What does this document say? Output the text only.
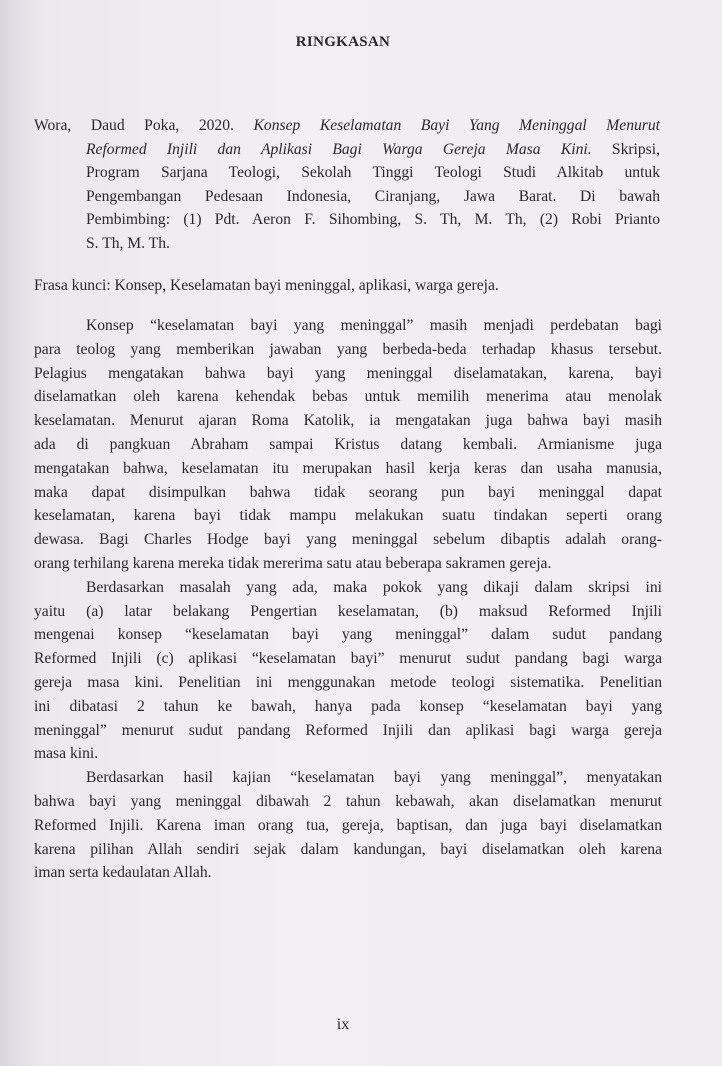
RINGKASAN
Wora, Daud Poka, 2020. Konsep Keselamatan Bayi Yang Meninggal Menurut
Reformed Injili dan Aplikasi Bagi Warga Gereja Masa Kini. Skripsi,
Program Sarjana Teologi, Sekolah Tinggi Teologi Studi Alkitab untuk
Pengembangan Pedesaan Indonesia, Ciranjang, Jawa Barat. Di bawah
Pembimbing: (1) Pdt. Aeron F. Sihombing, S. Th, M. Th, (2) Robi Prianto
S. Th, M. Th.
Frasa kunci: Konsep, Keselamatan bayi meninggal, aplikasi, warga gereja.
Konsep “keselamatan bayi yang meninggal” masih menjadi perdebatan bagi
para teolog yang memberikan jawaban yang berbeda-beda terhadap khasus tersebut.
Pelagius mengatakan bahwa bayi yang meninggal diselamatakan, karena, bayi
diselamatkan oleh karena kehendak bebas untuk memilih menerima atau menolak
keselamatan. Menurut ajaran Roma Katolik, ia mengatakan juga bahwa bayi masih
ada di pangkuan Abraham sampai Kristus datang kembali. Armianisme juga
mengatakan bahwa, keselamatan itu merupakan hasil kerja keras dan usaha manusia,
maka dapat disimpulkan bahwa tidak seorang pun bayi meninggal dapat
keselamatan, karena bayi tidak mampu melakukan suatu tindakan seperti orang
dewasa. Bagi Charles Hodge bayi yang meninggal sebelum dibaptis adalah orang-
orang terhilang karena mereka tidak mererima satu atau beberapa sakramen gereja.
Berdasarkan masalah yang ada, maka pokok yang dikaji dalam skripsi ini
yaitu (a) latar belakang Pengertian keselamatan, (b) maksud Reformed Injili
mengenai konsep “keselamatan bayi yang meninggal” dalam sudut pandang
Reformed Injili (c) aplikasi “keselamatan bayi” menurut sudut pandang bagi warga
gereja masa kini. Penelitian ini menggunakan metode teologi sistematika. Penelitian
ini dibatasi 2 tahun ke bawah, hanya pada konsep “keselamatan bayi yang
meninggal” menurut sudut pandang Reformed Injili dan aplikasi bagi warga gereja
masa kini.
Berdasarkan hasil kajian “keselamatan bayi yang meninggal”, menyatakan
bahwa bayi yang meninggal dibawah 2 tahun kebawah, akan diselamatkan menurut
Reformed Injili. Karena iman orang tua, gereja, baptisan, dan juga bayi diselamatkan
karena pilihan Allah sendiri sejak dalam kandungan, bayi diselamatkan oleh karena
iman serta kedaulatan Allah.
ix
